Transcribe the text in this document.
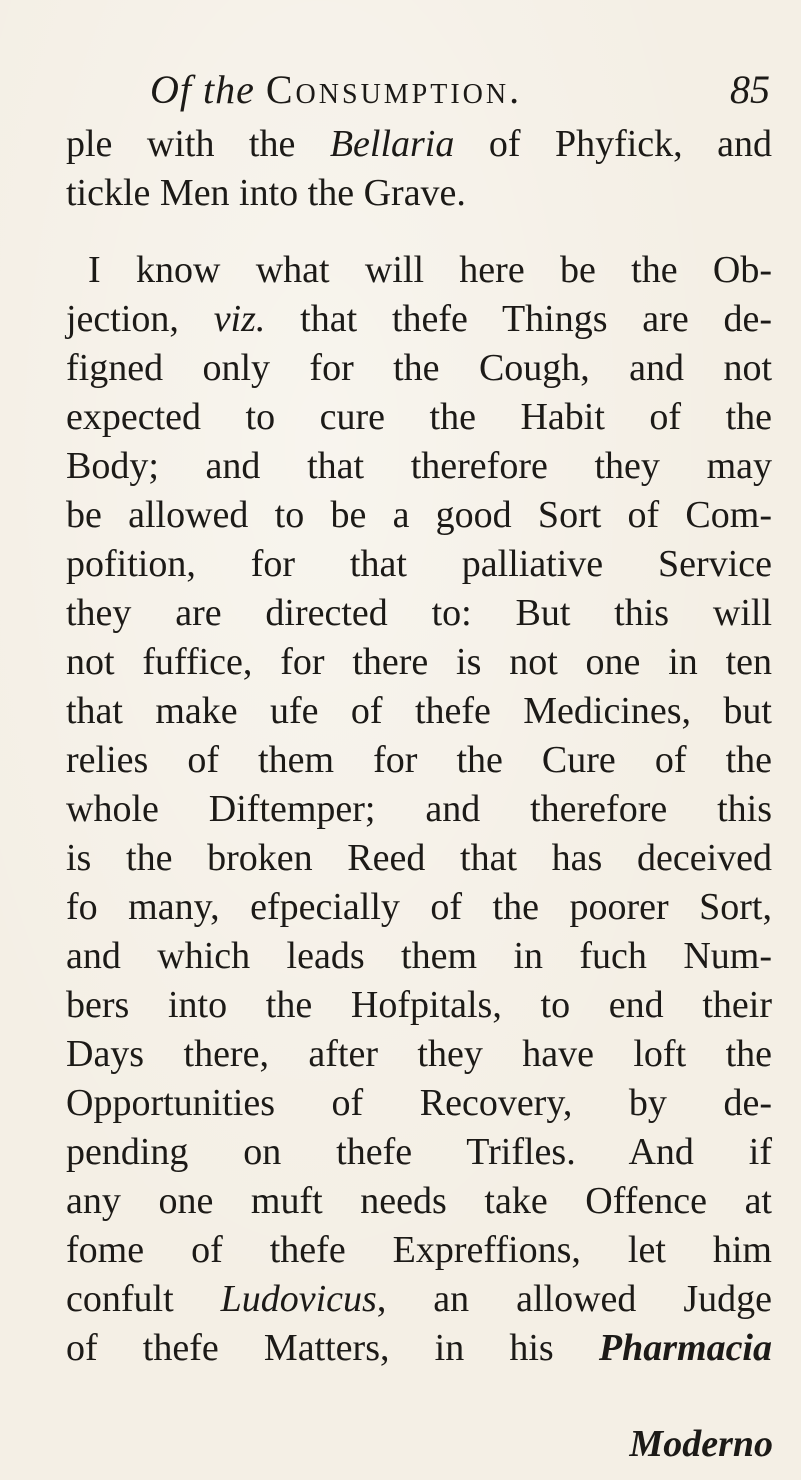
Of the Consumption.	85
ple with the Bellaria of Phyfick, and
tickle Men into the Grave.
I know what will here be the Ob-
jection, viz. that thefe Things are de-
figned only for the Cough, and not
expected to cure the Habit of the
Body; and that therefore they may
be allowed to be a good Sort of Com-
pofition, for that palliative Service
they are directed to: But this will
not fuffice, for there is not one in ten
that make ufe of thefe Medicines, but
relies of them for the Cure of the
whole Diftemper; and therefore this
is the broken Reed that has deceived
fo many, efpecially of the poorer Sort,
and which leads them in fuch Num-
bers into the Hofpitals, to end their
Days there, after they have loft the
Opportunities of Recovery, by de-
pending on thefe Trifles. And if
any one muft needs take Offence at
fome of thefe Expreffions, let him
confult Ludovicus, an allowed Judge
of thefe Matters, in his Pharmacia
Moderno
